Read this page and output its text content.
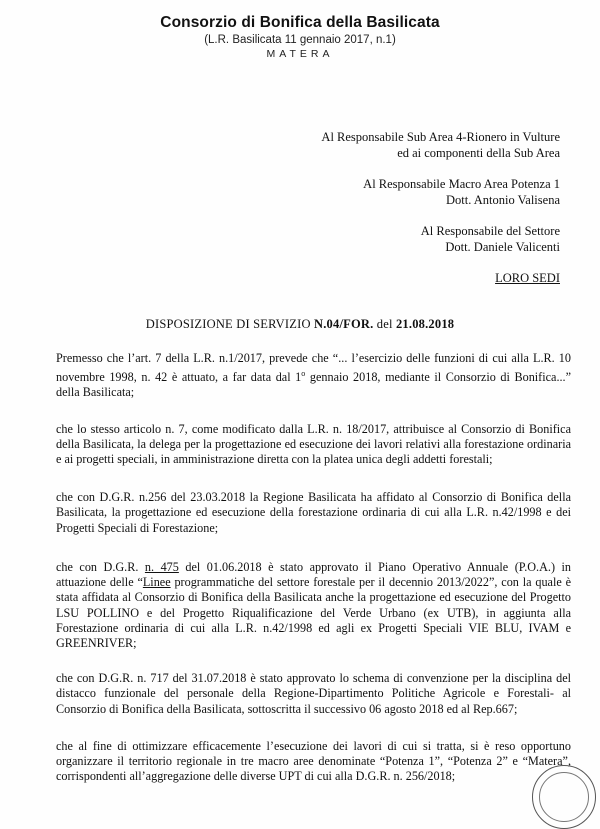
Consorzio di Bonifica della Basilicata
(L.R. Basilicata 11 gennaio 2017, n.1)
MATERA
Al Responsabile Sub Area 4-Rionero in Vulture
ed ai componenti della Sub Area
Al Responsabile Macro Area Potenza 1
Dott. Antonio Valisena
Al Responsabile del Settore
Dott. Daniele Valicenti
LORO SEDI
DISPOSIZIONE DI SERVIZIO N.04/FOR. del 21.08.2018

Premesso che l’art. 7 della L.R. n.1/2017, prevede che “... l’esercizio delle funzioni di cui alla L.R. 10 novembre 1998, n. 42 è attuato, a far data dal 1$^o$ gennaio 2018, mediante il Consorzio di Bonifica...” della Basilicata;

che lo stesso articolo n. 7, come modificato dalla L.R. n. 18/2017, attribuisce al Consorzio di Bonifica della Basilicata, la delega per la progettazione ed esecuzione dei lavori relativi alla forestazione ordinaria e ai progetti speciali, in amministrazione diretta con la platea unica degli addetti forestali;

che con D.G.R. n.256 del 23.03.2018 la Regione Basilicata ha affidato al Consorzio di Bonifica della Basilicata, la progettazione ed esecuzione della forestazione ordinaria di cui alla L.R. n.42/1998 e dei Progetti Speciali di Forestazione;

che con D.G.R. n. 475 del 01.06.2018 è stato approvato il Piano Operativo Annuale (P.O.A.) in attuazione delle “Linee programmatiche del settore forestale per il decennio 2013/2022”, con la quale è stata affidata al Consorzio di Bonifica della Basilicata anche la progettazione ed esecuzione del Progetto LSU POLLINO e del Progetto Riqualificazione del Verde Urbano (ex UTB), in aggiunta alla Forestazione ordinaria di cui alla L.R. n.42/1998 ed agli ex Progetti Speciali VIE BLU, IVAM e GREENRIVER;

che con D.G.R. n. 717 del 31.07.2018 è stato approvato lo schema di convenzione per la disciplina del distacco funzionale del personale della Regione-Dipartimento Politiche Agricole e Forestali- al Consorzio di Bonifica della Basilicata, sottoscritta il successivo 06 agosto 2018 ed al Rep.667;

che al fine di ottimizzare efficacemente l’esecuzione dei lavori di cui si tratta, si è reso opportuno organizzare il territorio regionale in tre macro aree denominate “Potenza 1”, “Potenza 2” e “Matera”, corrispondenti all’aggregazione delle diverse UPT di cui alla D.G.R. n. 256/2018;
